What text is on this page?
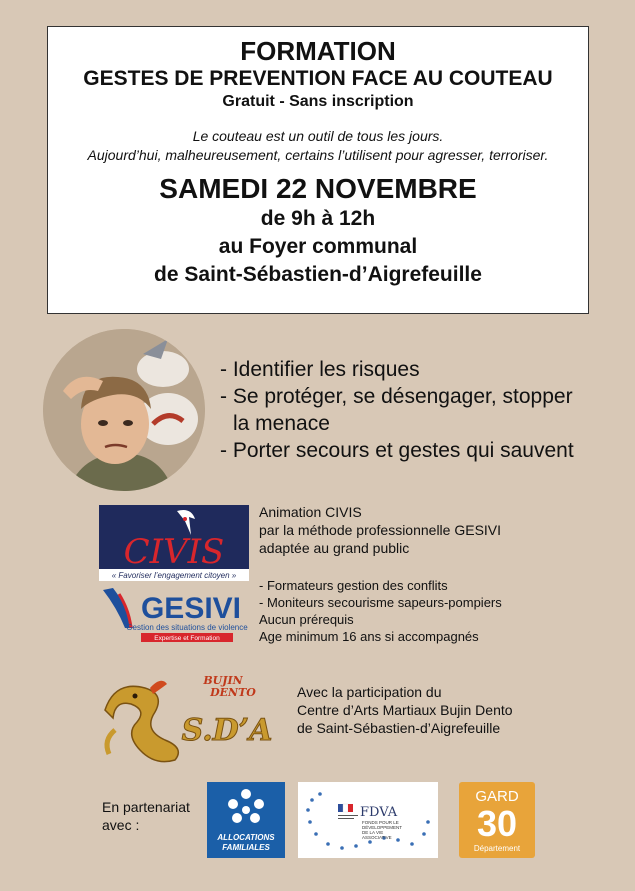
FORMATION
GESTES DE PREVENTION FACE AU COUTEAU
Gratuit - Sans inscription
Le couteau est un outil de tous les jours.
Aujourd’hui, malheureusement, certains l’utilisent pour agresser, terroriser.
SAMEDI 22 NOVEMBRE
de 9h à 12h
au Foyer communal
de Saint-Sébastien-d’Aigrefeuille
- Identifier les risques
- Se protéger, se désengager, stopper
la menace
- Porter secours et gestes qui sauvent
CIVIS
« Favoriser l’engagement citoyen »
GESIVI
Gestion des situations de violence
Expertise et Formation
Animation CIVIS
par la méthode professionnelle GESIVI
adaptée au grand public
- Formateurs gestion des conflits
- Moniteurs secourisme sapeurs-pompiers
Aucun prérequis
Age minimum 16 ans si accompagnés
BUJIN
DENTO
S.D’A
Avec la participation du
Centre d’Arts Martiaux Bujin Dento
de Saint-Sébastien-d’Aigrefeuille
En partenariat
avec :
ALLOCATIONS
FAMILIALES
FDVA
FONDS POUR LE
DÉVELOPPEMENT
DE LA VIE
ASSOCIATIVE
GARD
30
Département
